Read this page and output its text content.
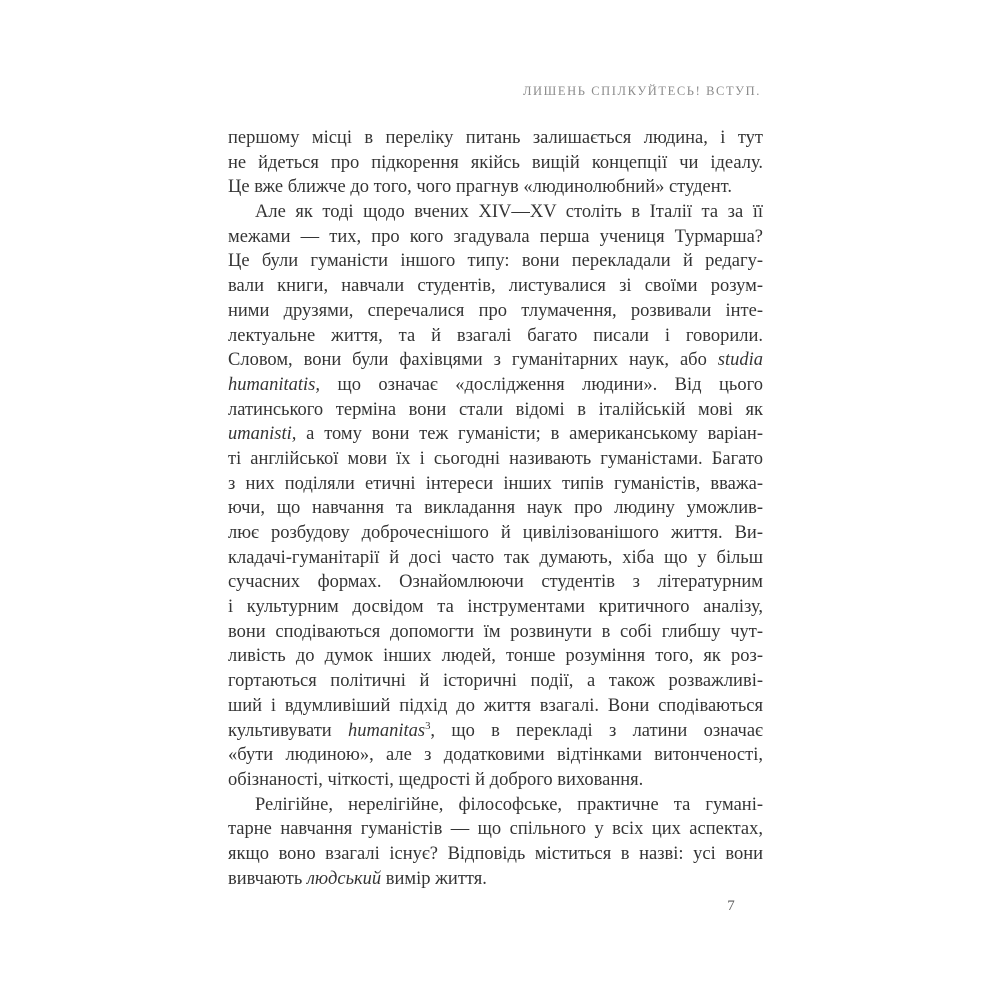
ЛИШЕНЬ СПІЛКУЙТЕСЬ! ВСТУП.
першому місці в переліку питань залишається людина, і тут
не йдеться про підкорення якійсь вищій концепції чи ідеалу.
Це вже ближче до того, чого прагнув «людинолюбний» студент.
Але як тоді щодо вчених XIV—XV століть в Італії та за її
межами — тих, про кого згадувала перша учениця Турмарша?
Це були гуманісти іншого типу: вони перекладали й редагу-
вали книги, навчали студентів, листувалися зі своїми розум-
ними друзями, сперечалися про тлумачення, розвивали інте-
лектуальне життя, та й взагалі багато писали і говорили.
Словом, вони були фахівцями з гуманітарних наук, або studia
humanitatis, що означає «дослідження людини». Від цього
латинського терміна вони стали відомі в італійській мові як
umanisti, а тому вони теж гуманісти; в американському варіан-
ті англійської мови їх і сьогодні називають гуманістами. Багато
з них поділяли етичні інтереси інших типів гуманістів, вважа-
ючи, що навчання та викладання наук про людину уможлив-
лює розбудову доброчеснішого й цивілізованішого життя. Ви-
кладачі-гуманітарії й досі часто так думають, хіба що у більш
сучасних формах. Ознайомлюючи студентів з літературним
і культурним досвідом та інструментами критичного аналізу,
вони сподіваються допомогти їм розвинути в собі глибшу чут-
ливість до думок інших людей, тонше розуміння того, як роз-
гортаються політичні й історичні події, а також розважливі-
ший і вдумливіший підхід до життя взагалі. Вони сподіваються
культивувати humanitas$^3$, що в перекладі з латини означає
«бути людиною», але з додатковими відтінками витонченості,
обізнаності, чіткості, щедрості й доброго виховання.
Релігійне, нерелігійне, філософське, практичне та гумані-
тарне навчання гуманістів — що спільного у всіх цих аспектах,
якщо воно взагалі існує? Відповідь міститься в назві: усі вони
вивчають людський вимір життя.
7
